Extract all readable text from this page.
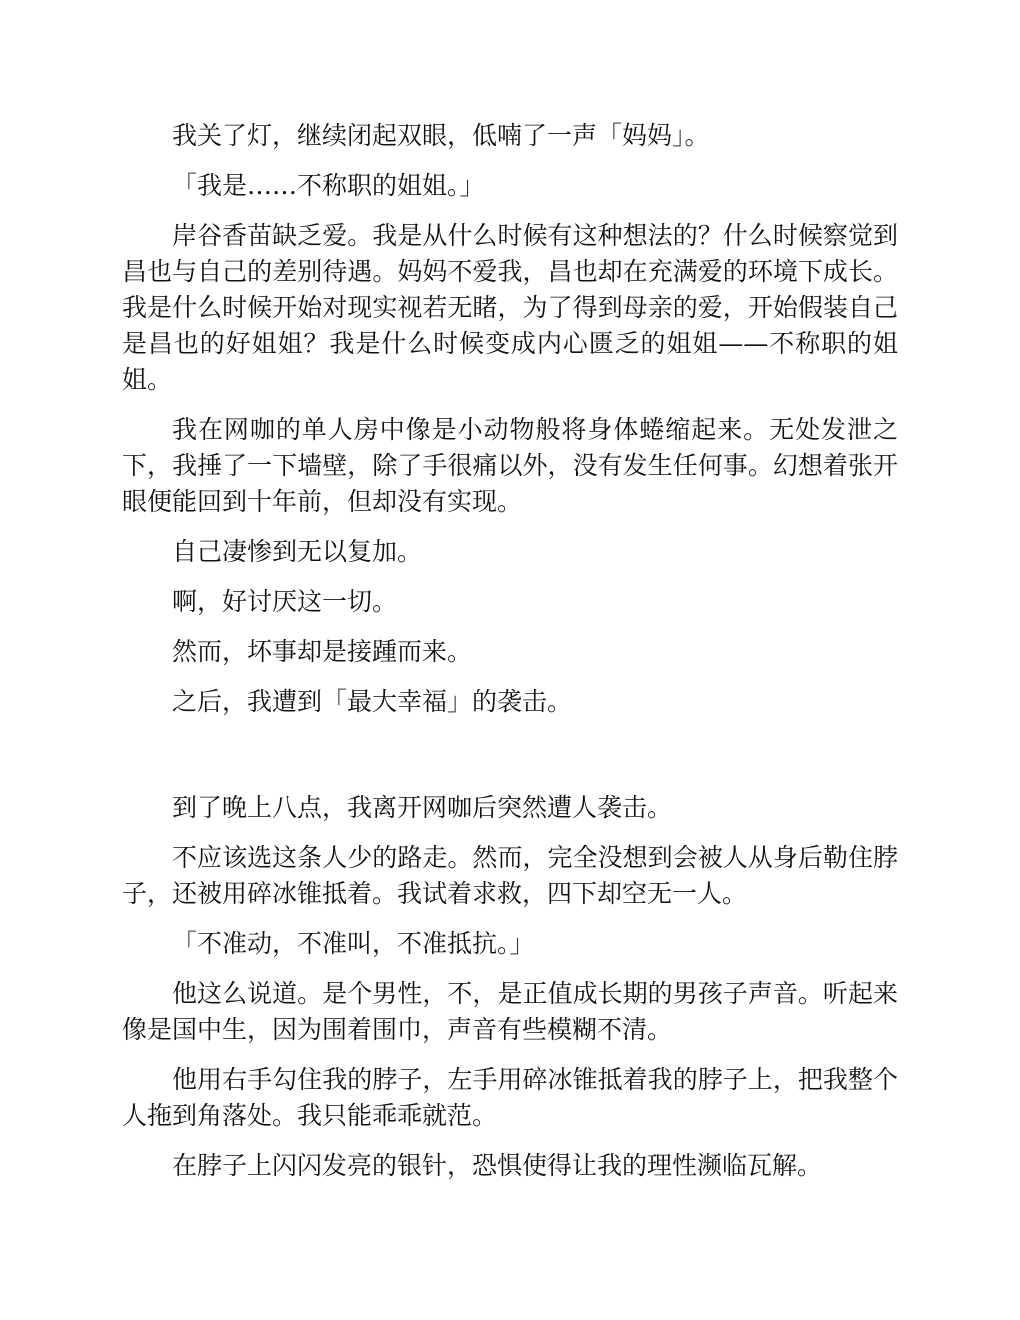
我关了灯，继续闭起双眼，低喃了一声「妈妈」。

「我是……不称职的姐姐。」

岸谷香苗缺乏爱。我是从什么时候有这种想法的？什么时候察觉到昌也与自己的差别待遇。妈妈不爱我，昌也却在充满爱的环境下成长。我是什么时候开始对现实视若无睹，为了得到母亲的爱，开始假装自己是昌也的好姐姐？我是什么时候变成内心匮乏的姐姐——不称职的姐姐。

我在网咖的单人房中像是小动物般将身体蜷缩起来。无处发泄之下，我捶了一下墙壁，除了手很痛以外，没有发生任何事。幻想着张开眼便能回到十年前，但却没有实现。

自己凄惨到无以复加。

啊，好讨厌这一切。

然而，坏事却是接踵而来。

之后，我遭到「最大幸福」的袭击。

到了晚上八点，我离开网咖后突然遭人袭击。

不应该选这条人少的路走。然而，完全没想到会被人从身后勒住脖子，还被用碎冰锥抵着。我试着求救，四下却空无一人。

「不准动，不准叫，不准抵抗。」

他这么说道。是个男性，不，是正值成长期的男孩子声音。听起来像是国中生，因为围着围巾，声音有些模糊不清。

他用右手勾住我的脖子，左手用碎冰锥抵着我的脖子上，把我整个人拖到角落处。我只能乖乖就范。

在脖子上闪闪发亮的银针，恐惧使得让我的理性濒临瓦解。
